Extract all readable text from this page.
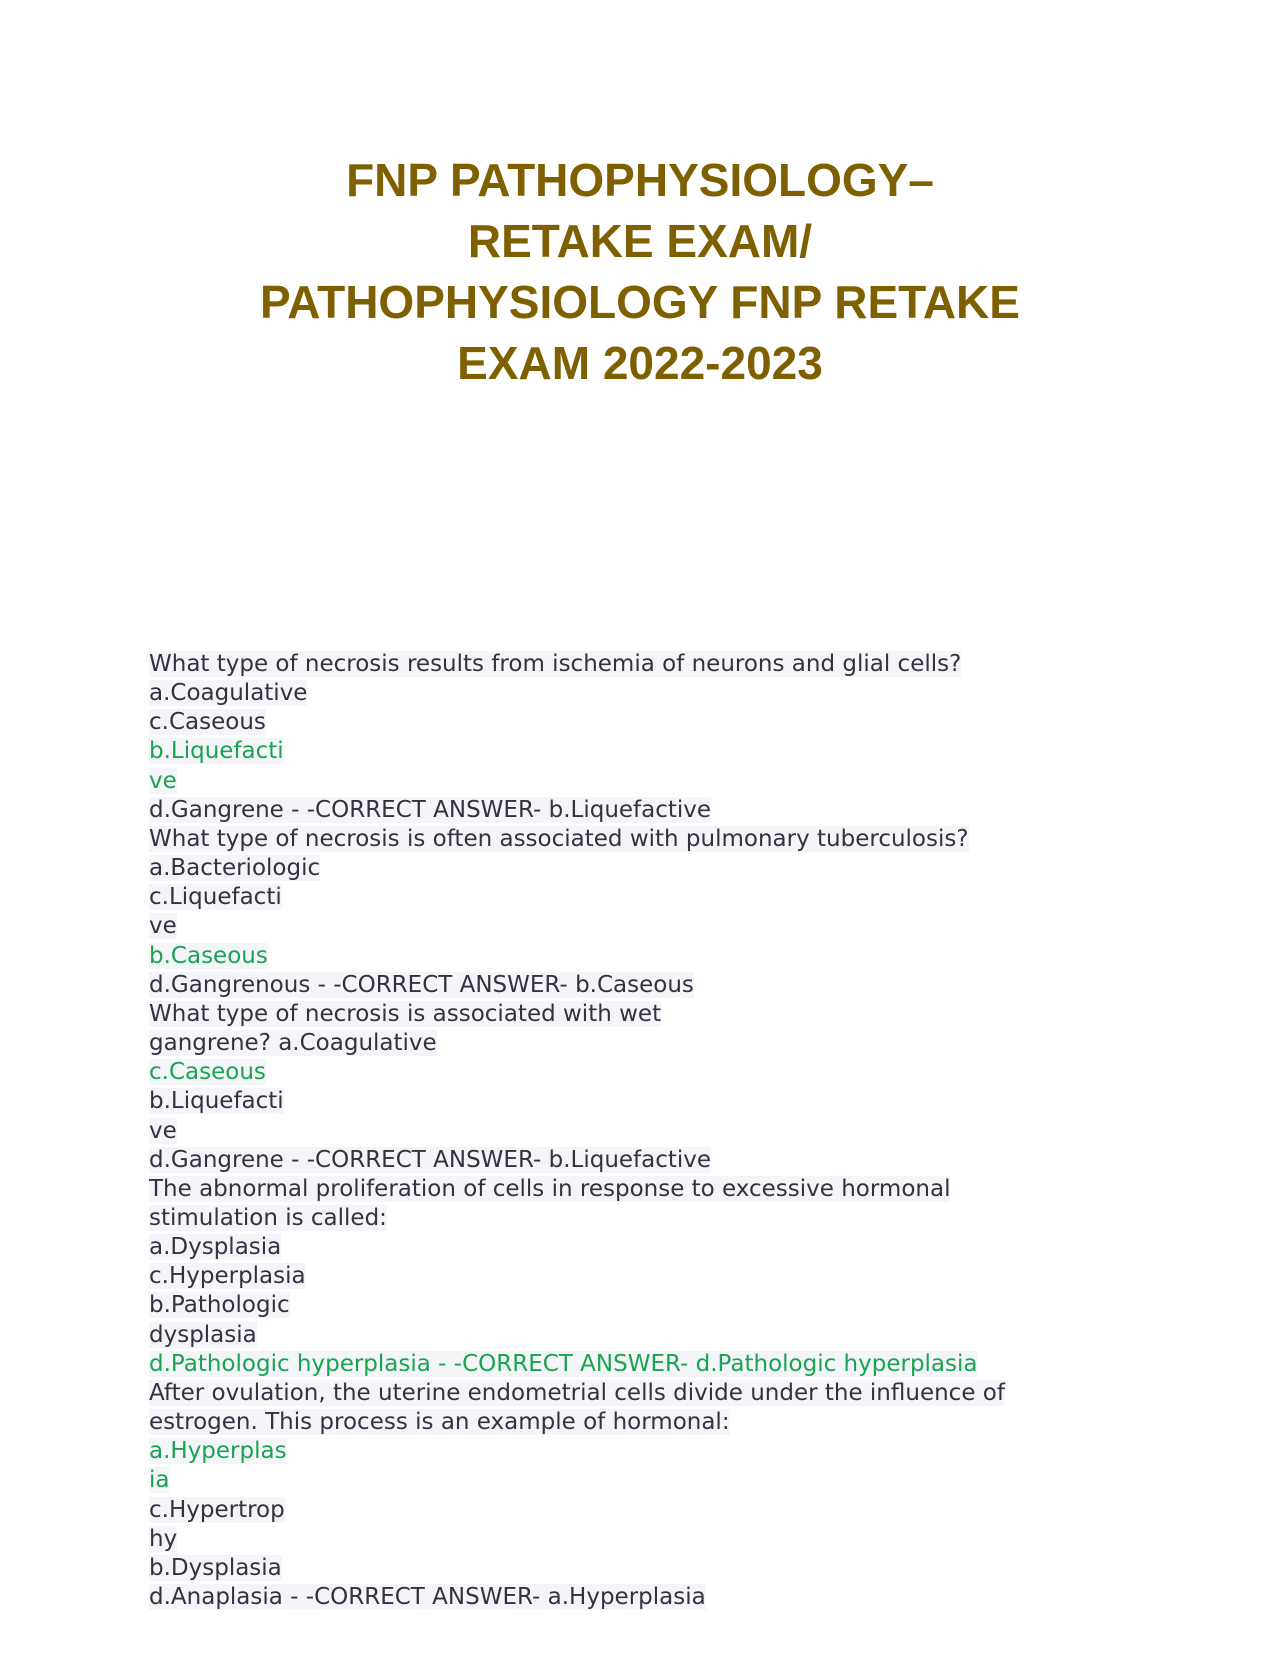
FNP PATHOPHYSIOLOGY–
RETAKE EXAM/
PATHOPHYSIOLOGY FNP RETAKE
EXAM 2022-2023
What type of necrosis results from ischemia of neurons and glial cells?
a.Coagulative
c.Caseous
b.Liquefacti
ve
d.Gangrene - -CORRECT ANSWER- b.Liquefactive
What type of necrosis is often associated with pulmonary tuberculosis?
a.Bacteriologic
c.Liquefacti
ve
b.Caseous
d.Gangrenous - -CORRECT ANSWER- b.Caseous
What type of necrosis is associated with wet
gangrene? a.Coagulative
c.Caseous
b.Liquefacti
ve
d.Gangrene - -CORRECT ANSWER- b.Liquefactive
The abnormal proliferation of cells in response to excessive hormonal
stimulation is called:
a.Dysplasia
c.Hyperplasia
b.Pathologic
dysplasia
d.Pathologic hyperplasia - -CORRECT ANSWER- d.Pathologic hyperplasia
After ovulation, the uterine endometrial cells divide under the influence of
estrogen. This process is an example of hormonal:
a.Hyperplas
ia
c.Hypertrop
hy
b.Dysplasia
d.Anaplasia - -CORRECT ANSWER- a.Hyperplasia
